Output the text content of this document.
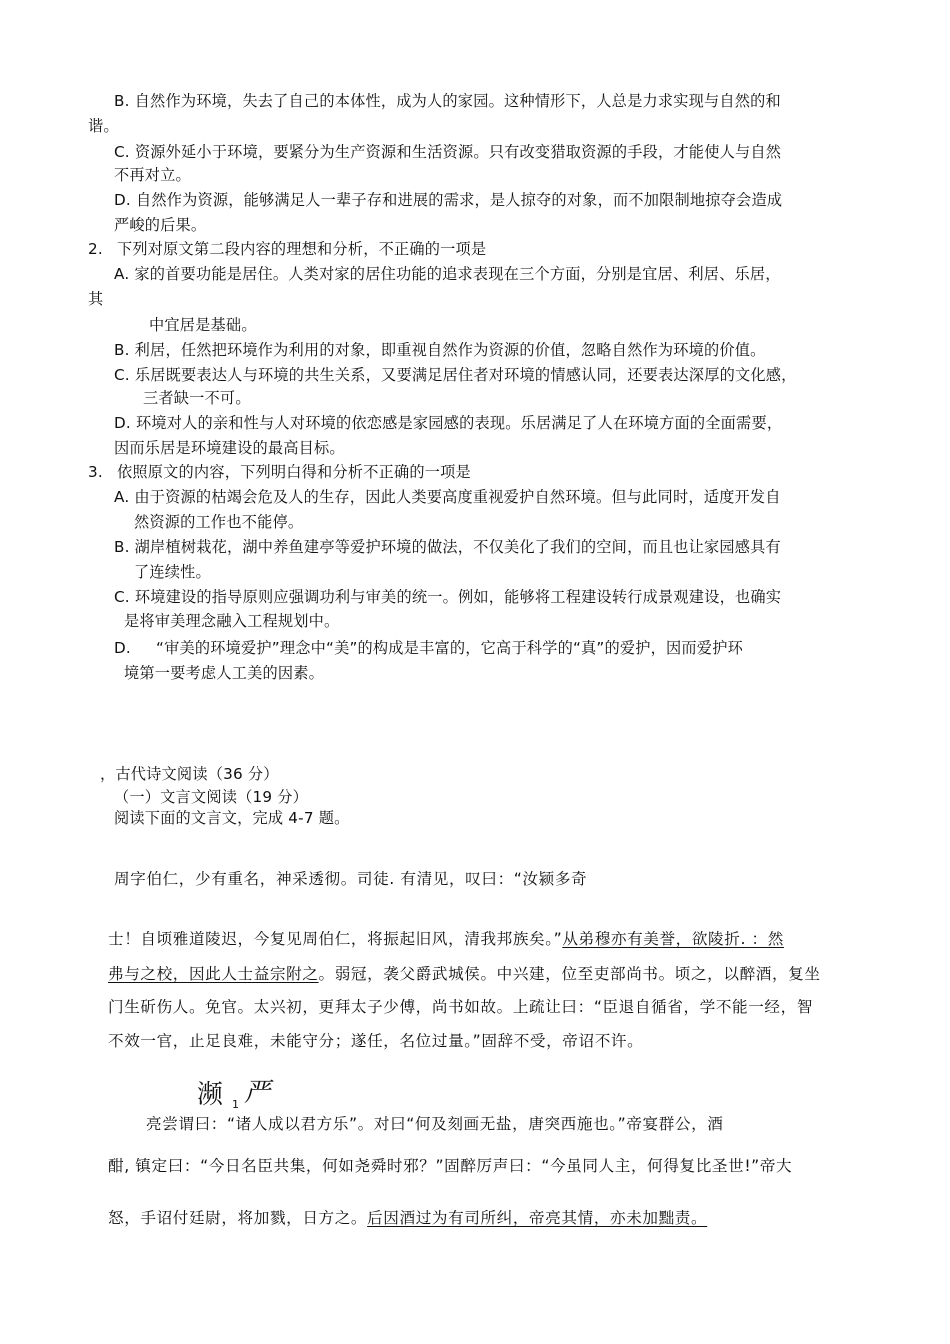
B. 自然作为环境，失去了自己的本体性，成为人的家园。这种情形下，人总是力求实现与自然的和
谐。
C. 资源外延小于环境，要紧分为生产资源和生活资源。只有改变猎取资源的手段，才能使人与自然
不再对立。
D. 自然作为资源，能够满足人一辈子存和进展的需求，是人掠夺的对象，而不加限制地掠夺会造成
严峻的后果。
2. 下列对原文第二段内容的理想和分析，不正确的一项是
A. 家的首要功能是居住。人类对家的居住功能的追求表现在三个方面，分别是宜居、利居、乐居，
其
中宜居是基础。
B. 利居，任然把环境作为利用的对象，即重视自然作为资源的价值，忽略自然作为环境的价值。
C. 乐居既要表达人与环境的共生关系，又要满足居住者对环境的情感认同，还要表达深厚的文化感，
三者缺一不可。
D. 环境对人的亲和性与人对环境的依恋感是家园感的表现。乐居满足了人在环境方面的全面需要，
因而乐居是环境建设的最高目标。
3. 依照原文的内容，下列明白得和分析不正确的一项是
A. 由于资源的枯竭会危及人的生存，因此人类要高度重视爱护自然环境。但与此同时，适度开发自
然资源的工作也不能停。
B. 湖岸植树栽花，湖中养鱼建亭等爱护环境的做法，不仅美化了我们的空间，而且也让家园感具有
了连续性。
C. 环境建设的指导原则应强调功利与审美的统一。例如，能够将工程建设转行成景观建设，也确实
是将审美理念融入工程规划中。
D. “审美的环境爱护”理念中“美”的构成是丰富的，它高于科学的“真”的爱护，因而爱护环
境第一要考虑人工美的因素。
，古代诗文阅读（36 分）
（一）文言文阅读（19 分）
阅读下面的文言文，完成 4-7 题。
周字伯仁，少有重名，神采透彻。司徒. 有清见，叹曰：“汝颍多奇
士！自顷雅道陵迟，今复见周伯仁，将振起旧风，清我邦族矣。”从弟穆亦有美誉，欲陵折. ：然
弗与之校，因此人士益宗附之。弱冠，袭父爵武城侯。中兴建，位至吏部尚书。顷之，以醉酒，复坐
门生斫伤人。免官。太兴初，更拜太子少傅，尚书如故。上疏让曰：“臣退自循省，学不能一经，智
不效一官，止足良难，未能守分；遂任，名位过量。”固辞不受，帝诏不许。
濒 1 严
亮尝谓曰：“诸人成以君方乐”。对曰“何及刻画无盐，唐突西施也。”帝宴群公，酒
酣, 镇定曰：“今日名臣共集，何如尧舜时邪？”固醉厉声曰：“今虽同人主，何得复比圣世!”帝大
怒，手诏付廷尉，将加戮，日方之。后因酒过为有司所纠，帝亮其情，亦未加黜责。
